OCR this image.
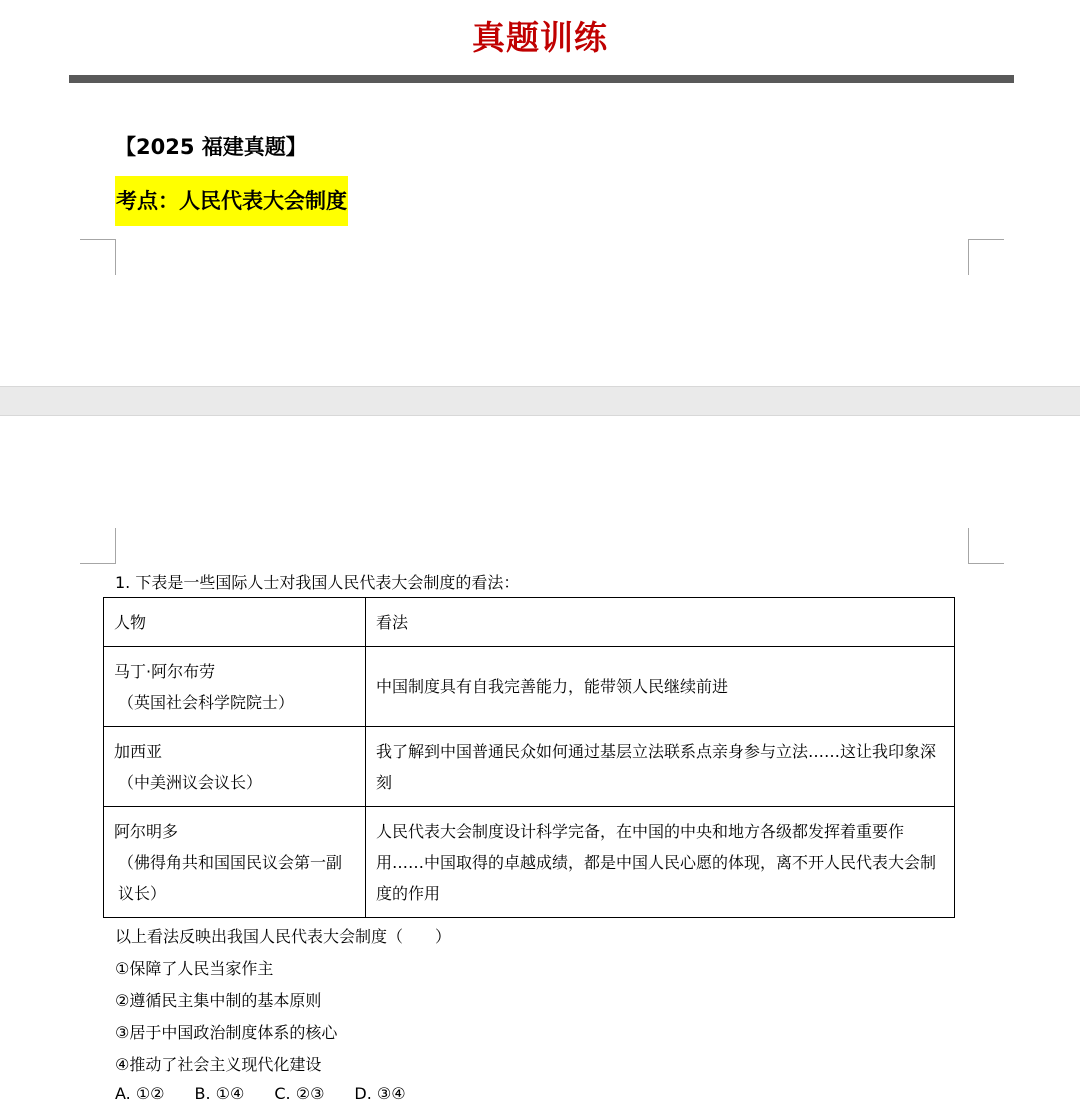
真题训练
【2025 福建真题】
考点：人民代表大会制度
1. 下表是一些国际人士对我国人民代表大会制度的看法：
人物	看法
马丁·阿尔布劳
（英国社会科学院院士）	中国制度具有自我完善能力，能带领人民继续前进
加西亚
（中美洲议会议长）	我了解到中国普通民众如何通过基层立法联系点亲身参与立法……这让我印象深刻
阿尔明多
（佛得角共和国国民议会第一副议长）	人民代表大会制度设计科学完备，在中国的中央和地方各级都发挥着重要作用……中国取得的卓越成绩，都是中国人民心愿的体现，离不开人民代表大会制度的作用
以上看法反映出我国人民代表大会制度（　　）
①保障了人民当家作主
②遵循民主集中制的基本原则
③居于中国政治制度体系的核心
④推动了社会主义现代化建设
A. ①② B. ①④ C. ②③ D. ③④
